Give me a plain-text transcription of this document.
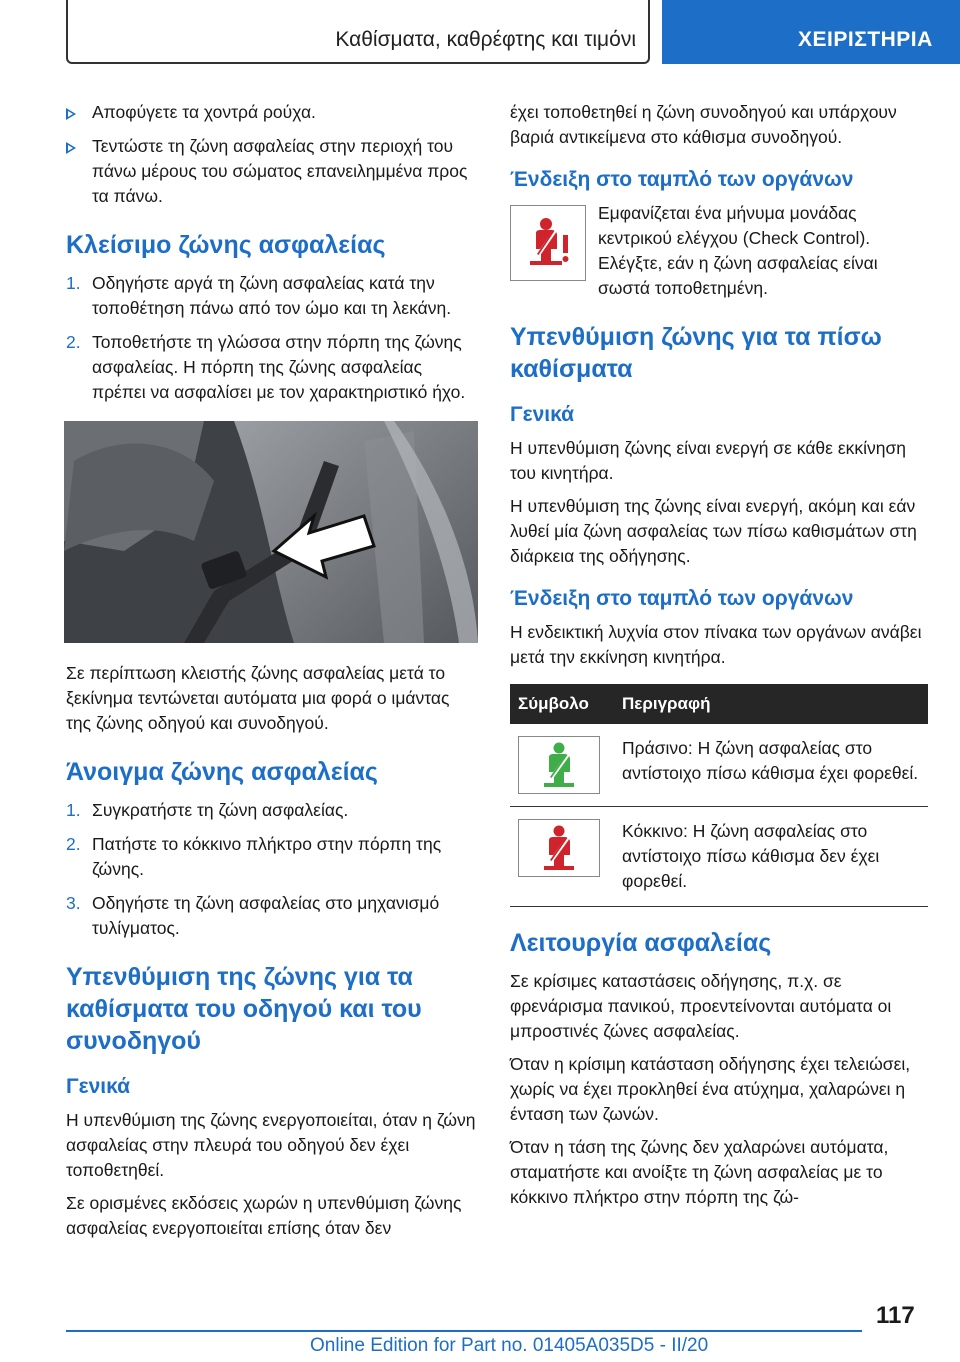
Καθίσματα, καθρέφτης και τιμόνι	ΧΕΙΡΙΣΤΗΡΙΑ
Αποφύγετε τα χοντρά ρούχα.
Τεντώστε τη ζώνη ασφαλείας στην περιοχή του πάνω μέρους του σώματος επανειλημμένα προς τα πάνω.
Κλείσιμο ζώνης ασφαλείας
1. Οδηγήστε αργά τη ζώνη ασφαλείας κατά την τοποθέτηση πάνω από τον ώμο και τη λεκάνη.
2. Τοποθετήστε τη γλώσσα στην πόρπη της ζώνης ασφαλείας. Η πόρπη της ζώνης ασφαλείας πρέπει να ασφαλίσει με τον χαρακτηριστικό ήχο.

Σε περίπτωση κλειστής ζώνης ασφαλείας μετά το ξεκίνημα τεντώνεται αυτόματα μια φορά ο ιμάντας της ζώνης οδηγού και συνοδηγού.

Άνοιγμα ζώνης ασφαλείας
1. Συγκρατήστε τη ζώνη ασφαλείας.
2. Πατήστε το κόκκινο πλήκτρο στην πόρπη της ζώνης.
3. Οδηγήστε τη ζώνη ασφαλείας στο μηχανισμό τυλίγματος.
Υπενθύμιση της ζώνης για τα καθίσματα του οδηγού και του συνοδηγού
Γενικά

Η υπενθύμιση της ζώνης ενεργοποιείται, όταν η ζώνη ασφαλείας στην πλευρά του οδηγού δεν έχει τοποθετηθεί.

Σε ορισμένες εκδόσεις χωρών η υπενθύμιση ζώνης ασφαλείας ενεργοποιείται επίσης όταν δεν

έχει τοποθετηθεί η ζώνη συνοδηγού και υπάρχουν βαριά αντικείμενα στο κάθισμα συνοδηγού.

Ένδειξη στο ταμπλό των οργάνων

Εμφανίζεται ένα μήνυμα μονάδας κεντρικού ελέγχου (Check Control). Ελέγξτε, εάν η ζώνη ασφαλείας είναι σωστά τοποθετημένη.

Υπενθύμιση ζώνης για τα πίσω καθίσματα
Γενικά

Η υπενθύμιση ζώνης είναι ενεργή σε κάθε εκκίνηση του κινητήρα.

Η υπενθύμιση της ζώνης είναι ενεργή, ακόμη και εάν λυθεί μία ζώνη ασφαλείας των πίσω καθισμάτων στη διάρκεια της οδήγησης.

Ένδειξη στο ταμπλό των οργάνων

Η ενδεικτική λυχνία στον πίνακα των οργάνων ανάβει μετά την εκκίνηση κινητήρα.

Σύμβολο	Περιγραφή

	Πράσινο: Η ζώνη ασφαλείας στο αντίστοιχο πίσω κάθισμα έχει φορεθεί.

	Κόκκινο: Η ζώνη ασφαλείας στο αντίστοιχο πίσω κάθισμα δεν έχει φορεθεί.
Λειτουργία ασφαλείας

Σε κρίσιμες καταστάσεις οδήγησης, π.χ. σε φρενάρισμα πανικού, προεντείνονται αυτόματα οι μπροστινές ζώνες ασφαλείας.

Όταν η κρίσιμη κατάσταση οδήγησης έχει τελειώσει, χωρίς να έχει προκληθεί ένα ατύχημα, χαλαρώνει η ένταση των ζωνών.

Όταν η τάση της ζώνης δεν χαλαρώνει αυτόματα, σταματήστε και ανοίξτε τη ζώνη ασφαλείας με το κόκκινο πλήκτρο στην πόρπη της ζώ-

117
Online Edition for Part no. 01405A035D5 - II/20
